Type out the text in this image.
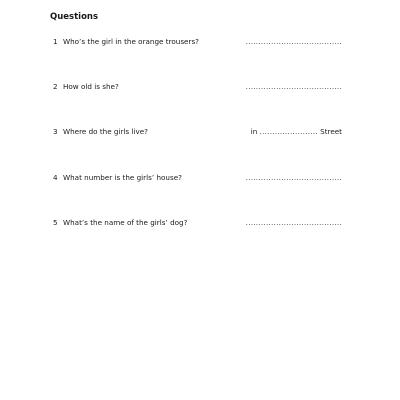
Questions
1 Who’s the girl in the orange trousers?	......................................
2 How old is she?	......................................
3 Where do the girls live?	in ....................... Street
4 What number is the girls’ house?	......................................
5 What’s the name of the girls’ dog?	......................................
